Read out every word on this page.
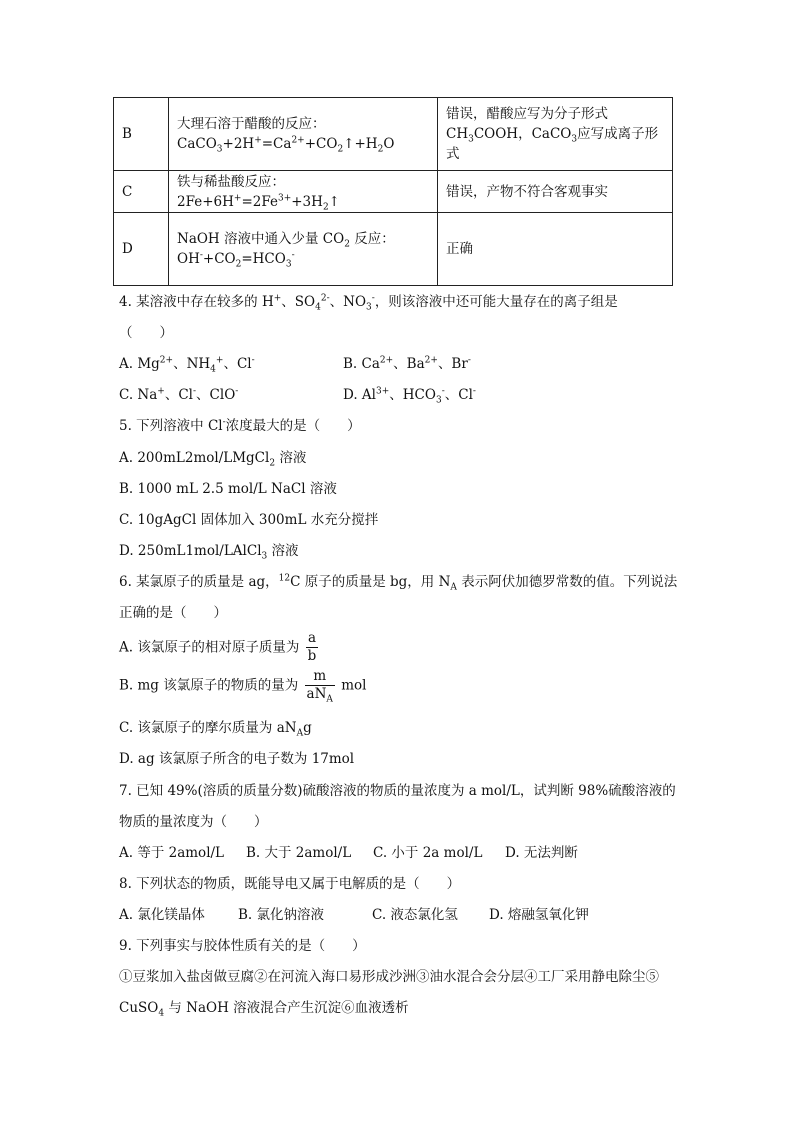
B	大理石溶于醋酸的反应：
$CaCO_3+2H^+=Ca^{2+}+CO_2↑+H_2O$	错误，醋酸应写为分子形式
$CH_3COOH$，CaCO$_3$应写成离子形式

C	铁与稀盐酸反应：$2Fe+6H^+=2Fe^{3+}+3H_2↑$	错误，产物不符合客观事实

D	NaOH 溶液中通入少量 $CO_2$ 反应：
$OH^-+CO_2=HCO_3^-$	正确
4. 某溶液中存在较多的 H+、$SO_4^{2-}$、$NO_3^-$，则该溶液中还可能大量存在的离子组是
（　　）
A. $Mg^{2+}$、$NH_4^+$、Cl-	B. $Ca^{2+}$、$Ba^{2+}$、Br-
C. Na+、Cl-、ClO-	D. $Al^{3+}$、$HCO_3^-$、Cl-
5. 下列溶液中 Cl-浓度最大的是（　　）
A. 200mL2mol/LMgCl$_2$ 溶液
B. 1000 mL 2.5 mol/L NaCl 溶液
C. 10gAgCl 固体加入 300mL 水充分搅拌
D. 250mL1mol/LAlCl$_3$ 溶液
6. 某氯原子的质量是 ag，$^{12}$C 原子的质量是 bg，用 $N_A$ 表示阿伏加德罗常数的值。下列说法
正确的是（　　）
A. 该氯原子的相对原子质量为 $\frac{a}{b}$
B. mg 该氯原子的物质的量为 $\frac{m}{aN_A}$ mol
C. 该氯原子的摩尔质量为 $aN_Ag$
D. ag 该氯原子所含的电子数为 17mol
7. 已知 49%(溶质的质量分数)硫酸溶液的物质的量浓度为 a mol/L，试判断 98%硫酸溶液的
物质的量浓度为（　　）
A. 等于 2amol/L B. 大于 2amol/L C. 小于 2a mol/L D. 无法判断
8. 下列状态的物质，既能导电又属于电解质的是（　　）
A. 氯化镁晶体 B. 氯化钠溶液	C. 液态氯化氢 D. 熔融氢氧化钾
9. 下列事实与胶体性质有关的是（　　）
①豆浆加入盐卤做豆腐②在河流入海口易形成沙洲③油水混合会分层④工厂采用静电除尘⑤
CuSO$_4$ 与 NaOH 溶液混合产生沉淀⑥血液透析
